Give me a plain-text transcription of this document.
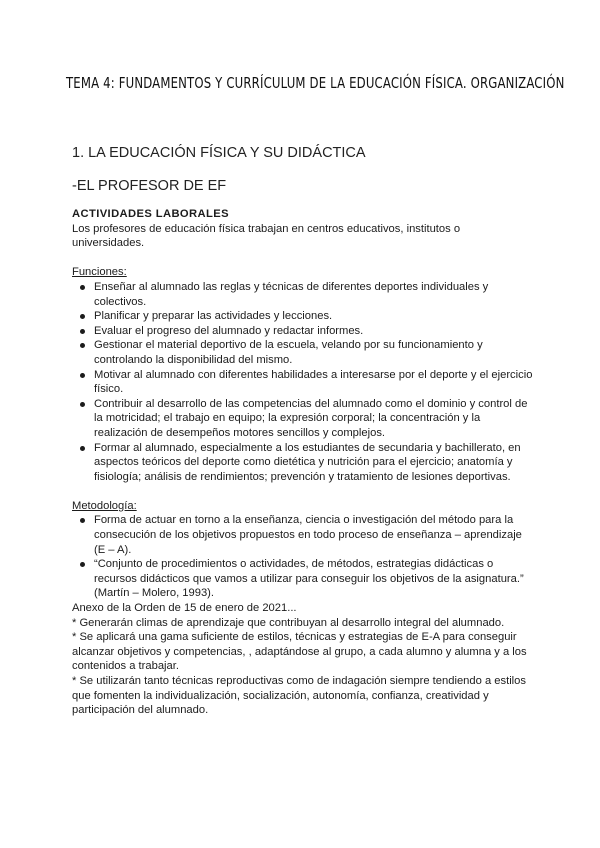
TEMA 4: FUNDAMENTOS Y CURRÍCULUM DE LA EDUCACIÓN FÍSICA. ORGANIZACIÓN
1. LA EDUCACIÓN FÍSICA Y SU DIDÁCTICA
-EL PROFESOR DE EF

ACTIVIDADES LABORALES

Los profesores de educación física trabajan en centros educativos, institutos o universidades.

Funciones:

Enseñar al alumnado las reglas y técnicas de diferentes deportes individuales y colectivos.
Planificar y preparar las actividades y lecciones.
Evaluar el progreso del alumnado y redactar informes.
Gestionar el material deportivo de la escuela, velando por su funcionamiento y controlando la disponibilidad del mismo.
Motivar al alumnado con diferentes habilidades a interesarse por el deporte y el ejercicio físico.
Contribuir al desarrollo de las competencias del alumnado como el dominio y control de la motricidad; el trabajo en equipo; la expresión corporal; la concentración y la realización de desempeños motores sencillos y complejos.
Formar al alumnado, especialmente a los estudiantes de secundaria y bachillerato, en aspectos teóricos del deporte como dietética y nutrición para el ejercicio; anatomía y fisiología; análisis de rendimientos; prevención y tratamiento de lesiones deportivas.

Metodología:

Forma de actuar en torno a la enseñanza, ciencia o investigación del método para la consecución de los objetivos propuestos en todo proceso de enseñanza – aprendizaje (E – A).
“Conjunto de procedimientos o actividades, de métodos, estrategias didácticas o recursos didácticos que vamos a utilizar para conseguir los objetivos de la asignatura.” (Martín – Molero, 1993).

Anexo de la Orden de 15 de enero de 2021...

* Generarán climas de aprendizaje que contribuyan al desarrollo integral del alumnado.

* Se aplicará una gama suficiente de estilos, técnicas y estrategias de E-A para conseguir alcanzar objetivos y competencias, , adaptándose al grupo, a cada alumno y alumna y a los contenidos a trabajar.

* Se utilizarán tanto técnicas reproductivas como de indagación siempre tendiendo a estilos que fomenten la individualización, socialización, autonomía, confianza, creatividad y participación del alumnado.
